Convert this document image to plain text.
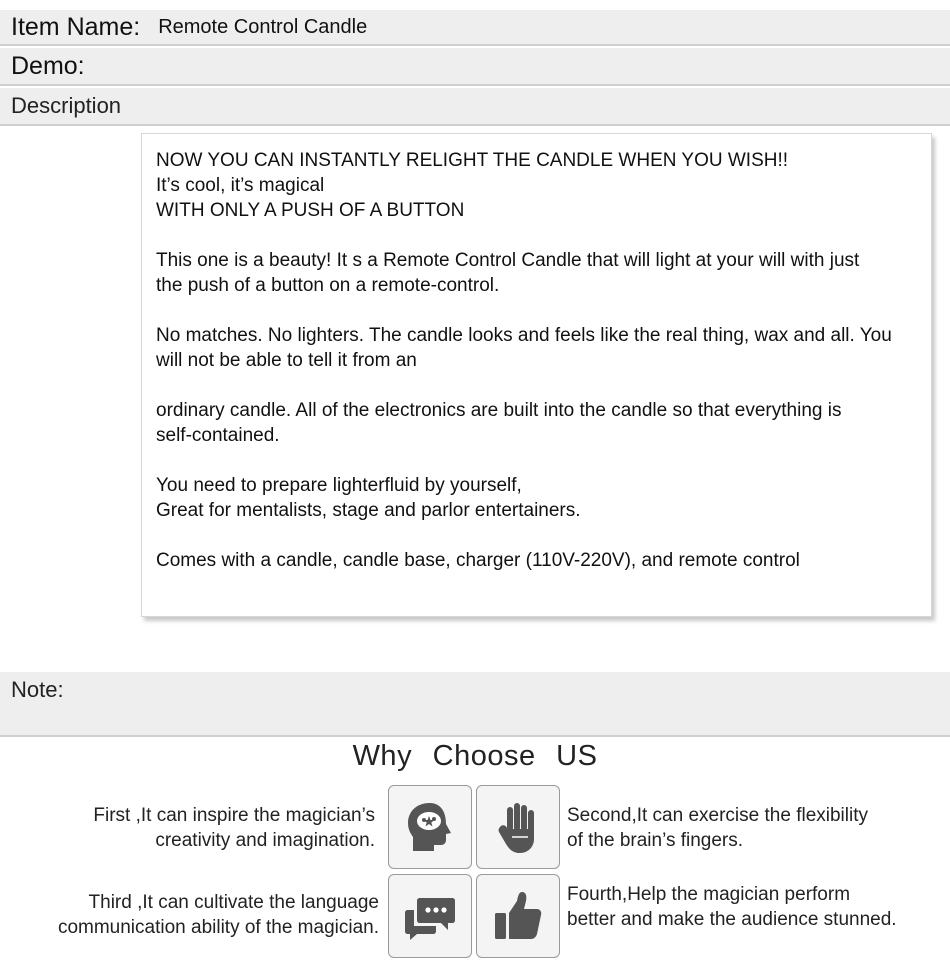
Item Name: Remote Control Candle
Demo:
Description

NOW YOU CAN INSTANTLY RELIGHT THE CANDLE WHEN YOU WISH!!
It’s cool, it’s magical
WITH ONLY A PUSH OF A BUTTON

This one is a beauty! It s a Remote Control Candle that will light at your will with just
the push of a button on a remote-control.

No matches. No lighters. The candle looks and feels like the real thing, wax and all. You
will not be able to tell it from an

ordinary candle. All of the electronics are built into the candle so that everything is
self-contained.

You need to prepare lighterfluid by yourself,
Great for mentalists, stage and parlor entertainers.

Comes with a candle, candle base, charger (110V-220V), and remote control

Note:
Why Choose US
First ,It can inspire the magician’s
creativity and imagination.
Second,It can exercise the flexibility
of the brain’s fingers.
Third ,It can cultivate the language
communication ability of the magician.
Fourth,Help the magician perform
better and make the audience stunned.
